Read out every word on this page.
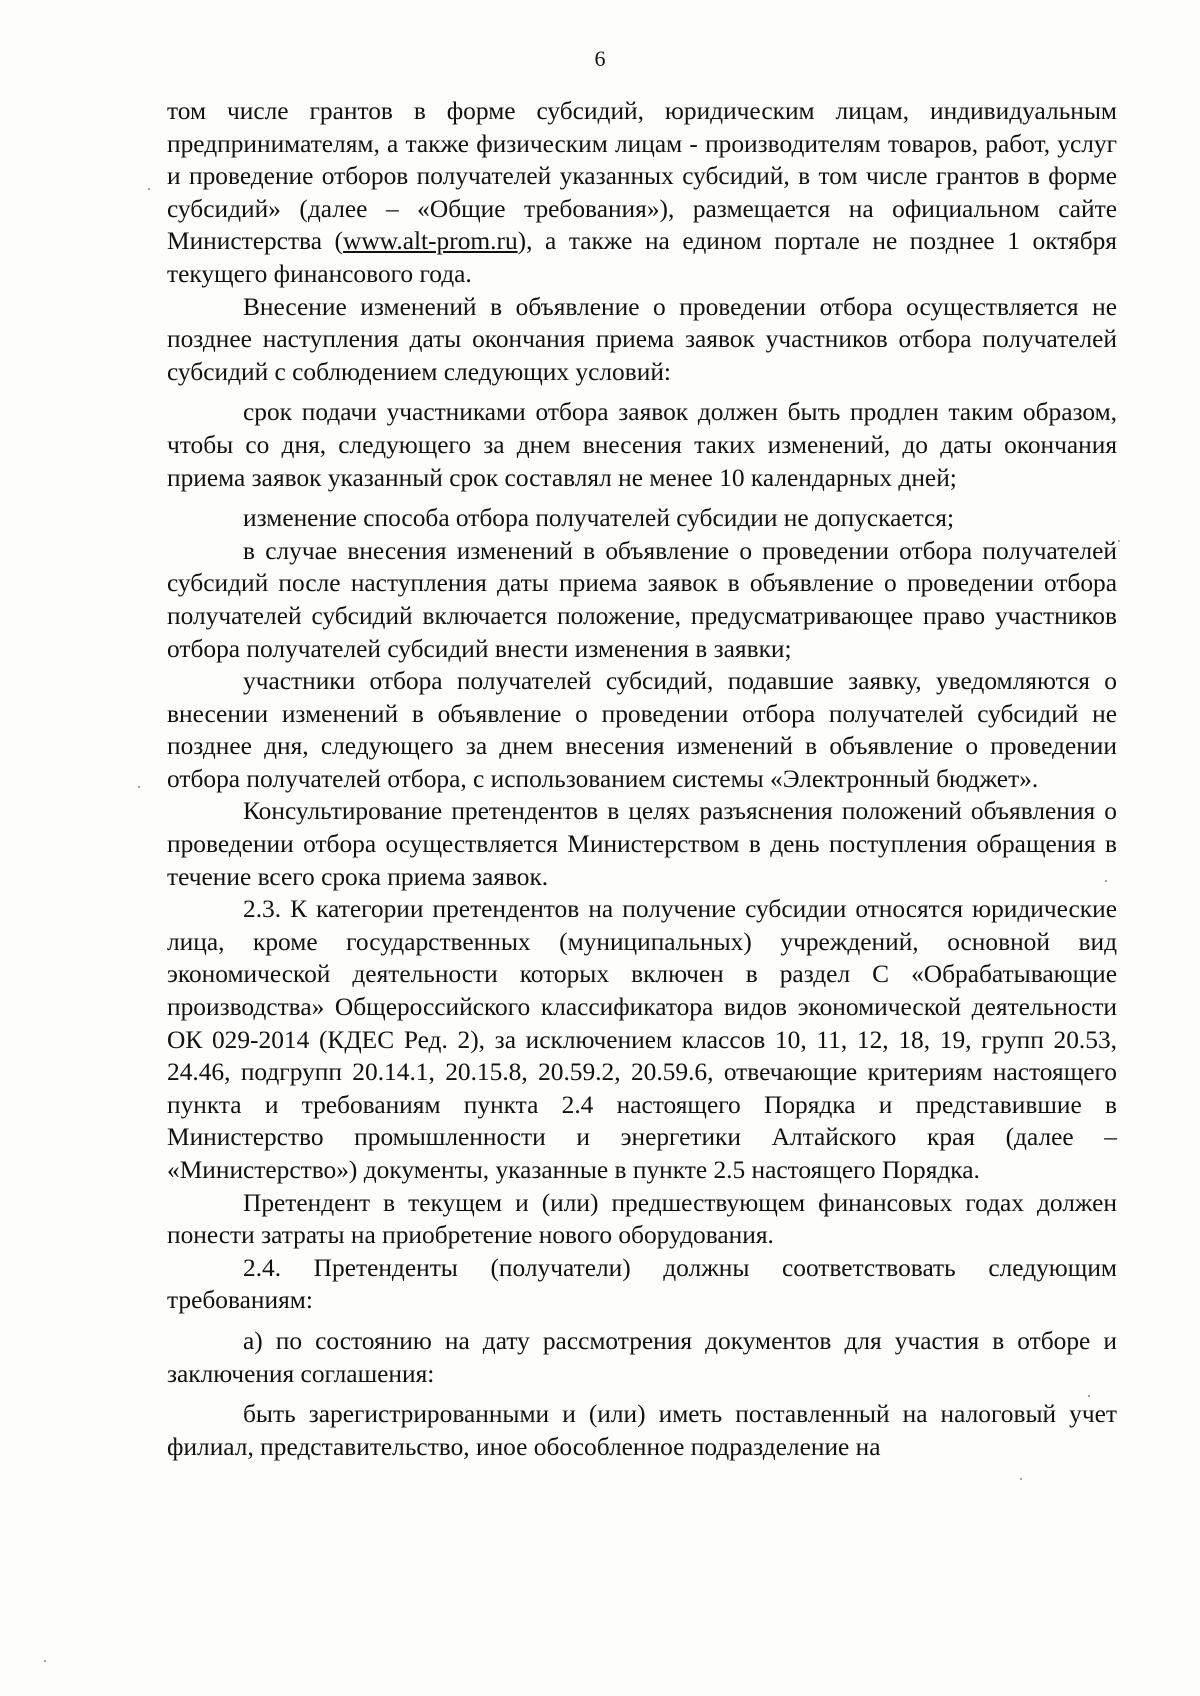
6

том числе грантов в форме субсидий, юридическим лицам, индивидуальным предпринимателям, а также физическим лицам - производителям товаров, работ, услуг и проведение отборов получателей указанных субсидий, в том числе грантов в форме субсидий» (далее – «Общие требования»), размещается на официальном сайте Министерства (www.alt-prom.ru), а также на едином портале не позднее 1 октября текущего финансового года.

Внесение изменений в объявление о проведении отбора осуществляется не позднее наступления даты окончания приема заявок участников отбора получателей субсидий с соблюдением следующих условий:

срок подачи участниками отбора заявок должен быть продлен таким образом, чтобы со дня, следующего за днем внесения таких изменений, до даты окончания приема заявок указанный срок составлял не менее 10 календарных дней;

изменение способа отбора получателей субсидии не допускается;

в случае внесения изменений в объявление о проведении отбора получателей субсидий после наступления даты приема заявок в объявление о проведении отбора получателей субсидий включается положение, предусматривающее право участников отбора получателей субсидий внести изменения в заявки;

участники отбора получателей субсидий, подавшие заявку, уведомляются о внесении изменений в объявление о проведении отбора получателей субсидий не позднее дня, следующего за днем внесения изменений в объявление о проведении отбора получателей отбора, с использованием системы «Электронный бюджет».

Консультирование претендентов в целях разъяснения положений объявления о проведении отбора осуществляется Министерством в день поступления обращения в течение всего срока приема заявок.

2.3. К категории претендентов на получение субсидии относятся юридические лица, кроме государственных (муниципальных) учреждений, основной вид экономической деятельности которых включен в раздел С «Обрабатывающие производства» Общероссийского классификатора видов экономической деятельности ОК 029-2014 (КДЕС Ред. 2), за исключением классов 10, 11, 12, 18, 19, групп 20.53, 24.46, подгрупп 20.14.1, 20.15.8, 20.59.2, 20.59.6, отвечающие критериям настоящего пункта и требованиям пункта 2.4 настоящего Порядка и представившие в Министерство промышленности и энергетики Алтайского края (далее – «Министерство») документы, указанные в пункте 2.5 настоящего Порядка.

Претендент в текущем и (или) предшествующем финансовых годах должен понести затраты на приобретение нового оборудования.

2.4. Претенденты (получатели) должны соответствовать следующим требованиям:

а) по состоянию на дату рассмотрения документов для участия в отборе и заключения соглашения:

быть зарегистрированными и (или) иметь поставленный на налоговый учет филиал, представительство, иное обособленное подразделение на
